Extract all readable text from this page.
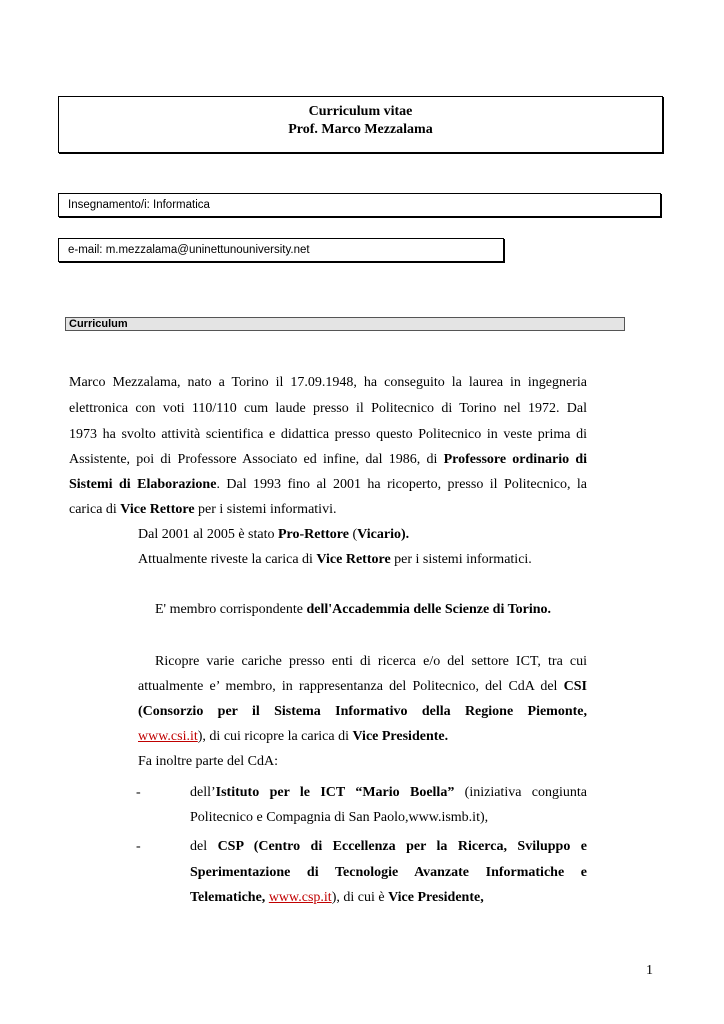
Curriculum vitae
Prof. Marco Mezzalama
Insegnamento/i: Informatica
e-mail: m.mezzalama@uninettunouniversity.net
Curriculum
Marco Mezzalama, nato a Torino il 17.09.1948, ha conseguito la laurea in ingegneria
elettronica con voti 110/110 cum laude presso il Politecnico di Torino nel 1972. Dal
1973 ha svolto attività scientifica e didattica presso questo Politecnico in veste prima di
Assistente, poi di Professore Associato ed infine, dal 1986, di Professore ordinario di
Sistemi di Elaborazione. Dal 1993 fino al 2001 ha ricoperto, presso il Politecnico, la
carica di Vice Rettore per i sistemi informativi.
Dal 2001 al 2005 è stato Pro-Rettore (Vicario).
Attualmente riveste la carica di Vice Rettore per i sistemi informatici.
E' membro corrispondente dell'Accademmia delle Scienze di Torino.
Ricopre varie cariche presso enti di ricerca e/o del settore ICT, tra cui
attualmente e’ membro, in rappresentanza del Politecnico, del CdA del CSI
(Consorzio per il Sistema Informativo della Regione Piemonte,
www.csi.it), di cui ricopre la carica di Vice Presidente.
Fa inoltre parte del CdA:
-	dell’Istituto per le ICT “Mario Boella” (iniziativa congiunta
Politecnico e Compagnia di San Paolo,www.ismb.it),
-	del CSP (Centro di Eccellenza per la Ricerca, Sviluppo e
Sperimentazione di Tecnologie Avanzate Informatiche e
Telematiche, www.csp.it), di cui è Vice Presidente,
1
